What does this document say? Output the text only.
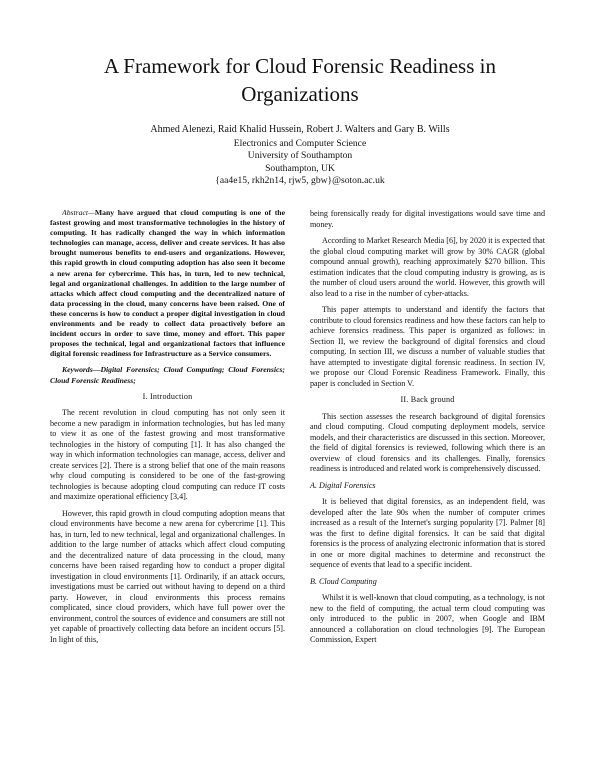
A Framework for Cloud Forensic Readiness in Organizations
Ahmed Alenezi, Raid Khalid Hussein, Robert J. Walters and Gary B. Wills
Electronics and Computer Science
University of Southampton
Southampton, UK
{aa4e15, rkh2n14, rjw5, gbw}@soton.ac.uk

Abstract—Many have argued that cloud computing is one of the fastest growing and most transformative technologies in the history of computing. It has radically changed the way in which information technologies can manage, access, deliver and create services. It has also brought numerous benefits to end-users and organizations. However, this rapid growth in cloud computing adoption has also seen it become a new arena for cybercrime. This has, in turn, led to new technical, legal and organizational challenges. In addition to the large number of attacks which affect cloud computing and the decentralized nature of data processing in the cloud, many concerns have been raised. One of these concerns is how to conduct a proper digital investigation in cloud environments and be ready to collect data proactively before an incident occurs in order to save time, money and effort. This paper proposes the technical, legal and organizational factors that influence digital forensic readiness for Infrastructure as a Service consumers.

Keywords—Digital Forensics; Cloud Computing; Cloud Forensics; Cloud Forensic Readiness;

I. Introduction

The recent revolution in cloud computing has not only seen it become a new paradigm in information technologies, but has led many to view it as one of the fastest growing and most transformative technologies in the history of computing [1]. It has also changed the way in which information technologies can manage, access, deliver and create services [2]. There is a strong belief that one of the main reasons why cloud computing is considered to be one of the fast-growing technologies is because adopting cloud computing can reduce IT costs and maximize operational efficiency [3,4].

However, this rapid growth in cloud computing adoption means that cloud environments have become a new arena for cybercrime [1]. This has, in turn, led to new technical, legal and organizational challenges. In addition to the large number of attacks which affect cloud computing and the decentralized nature of data processing in the cloud, many concerns have been raised regarding how to conduct a proper digital investigation in cloud environments [1]. Ordinarily, if an attack occurs, investigations must be carried out without having to depend on a third party. However, in cloud environments this process remains complicated, since cloud providers, which have full power over the environment, control the sources of evidence and consumers are still not yet capable of proactively collecting data before an incident occurs [5]. In light of this,

being forensically ready for digital investigations would save time and money.

According to Market Research Media [6], by 2020 it is expected that the global cloud computing market will grow by 30% CAGR (global compound annual growth), reaching approximately $270 billion. This estimation indicates that the cloud computing industry is growing, as is the number of cloud users around the world. However, this growth will also lead to a rise in the number of cyber-attacks.

This paper attempts to understand and identify the factors that contribute to cloud forensics readiness and how these factors can help to achieve forensics readiness. This paper is organized as follows: in Section II, we review the background of digital forensics and cloud computing. In section III, we discuss a number of valuable studies that have attempted to investigate digital forensic readiness. In section IV, we propose our Cloud Forensic Readiness Framework. Finally, this paper is concluded in Section V.

II. Back ground

This section assesses the research background of digital forensics and cloud computing. Cloud computing deployment models, service models, and their characteristics are discussed in this section. Moreover, the field of digital forensics is reviewed, following which there is an overview of cloud forensics and its challenges. Finally, forensics readiness is introduced and related work is comprehensively discussed.

A. Digital Forensics

It is believed that digital forensics, as an independent field, was developed after the late 90s when the number of computer crimes increased as a result of the Internet's surging popularity [7]. Palmer [8] was the first to define digital forensics. It can be said that digital forensics is the process of analyzing electronic information that is stored in one or more digital machines to determine and reconstruct the sequence of events that lead to a specific incident.

B. Cloud Computing

Whilst it is well-known that cloud computing, as a technology, is not new to the field of computing, the actual term cloud computing was only introduced to the public in 2007, when Google and IBM announced a collaboration on cloud technologies [9]. The European Commission, Expert
